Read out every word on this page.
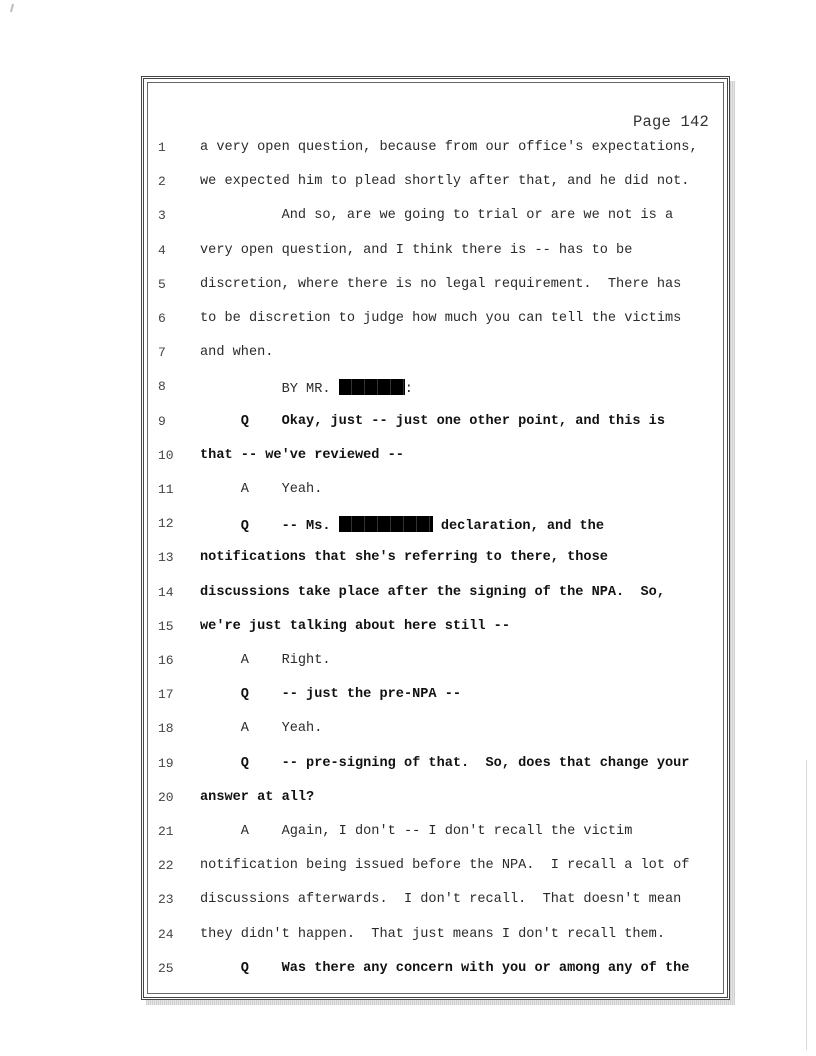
Page 142
1	a very open question, because from our office's expectations,
2	we expected him to plead shortly after that, and he did not.
3	And so, are we going to trial or are we not is a
4	very open question, and I think there is -- has to be
5	discretion, where there is no legal requirement.  There has
6	to be discretion to judge how much you can tell the victims
7	and when.
8	BY MR.	:
9	Q    Okay, just -- just one other point, and this is
10	that -- we've reviewed --
11	A    Yeah.
12	Q    -- Ms.	declaration, and the
13	notifications that she's referring to there, those
14	discussions take place after the signing of the NPA.  So,
15	we're just talking about here still --
16	A    Right.
17	Q    -- just the pre-NPA --
18	A    Yeah.
19	Q    -- pre-signing of that.  So, does that change your
20	answer at all?
21	A    Again, I don't -- I don't recall the victim
22	notification being issued before the NPA.  I recall a lot of
23	discussions afterwards.  I don't recall.  That doesn't mean
24	they didn't happen.  That just means I don't recall them.
25	Q    Was there any concern with you or among any of the
